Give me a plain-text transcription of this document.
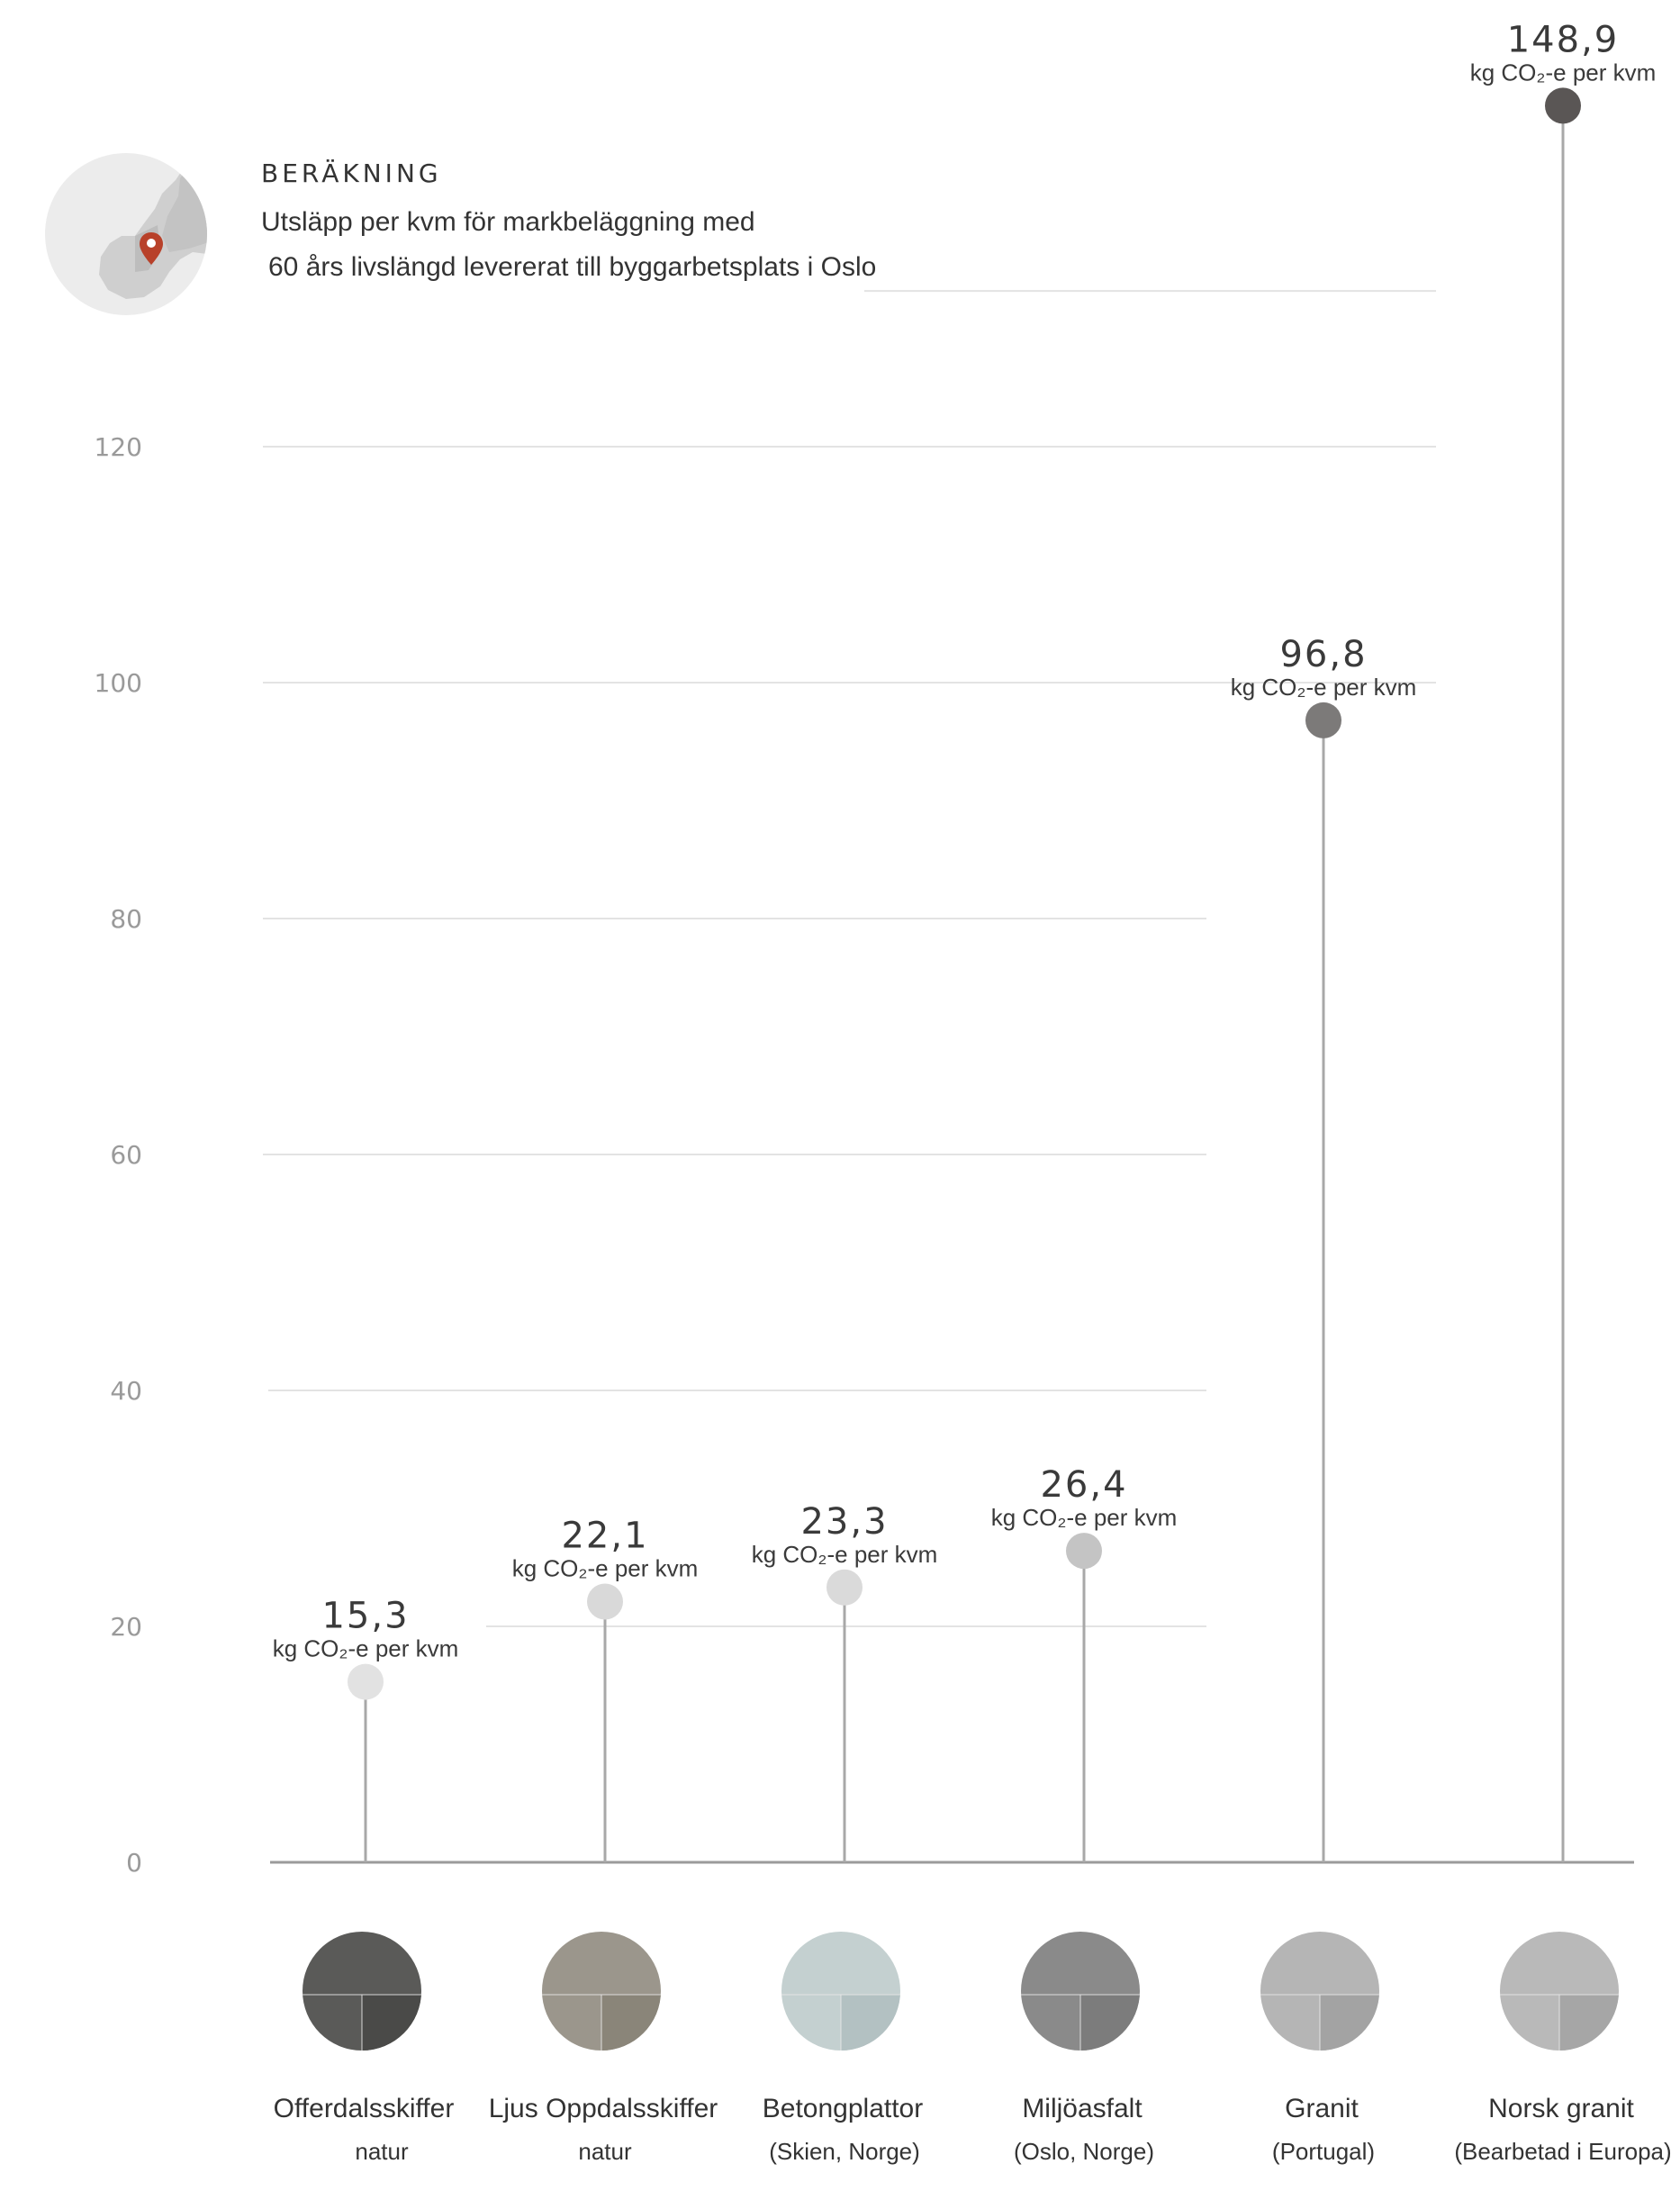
0
20
40
60
80
100
120
15,3
kg CO₂-e per kvm
22,1
kg CO₂-e per kvm
23,3
kg CO₂-e per kvm
26,4
kg CO₂-e per kvm
96,8
kg CO₂-e per kvm
148,9
kg CO₂-e per kvm
Offerdalsskiffer
natur
Ljus Oppdalsskiffer
natur
Betongplattor
(Skien, Norge)
Miljöasfalt
(Oslo, Norge)
Granit
(Portugal)
Norsk granit
(Bearbetad i Europa)
BERÄKNING
Utsläpp per kvm för markbeläggning med
60 års livslängd levererat till byggarbetsplats i Oslo
